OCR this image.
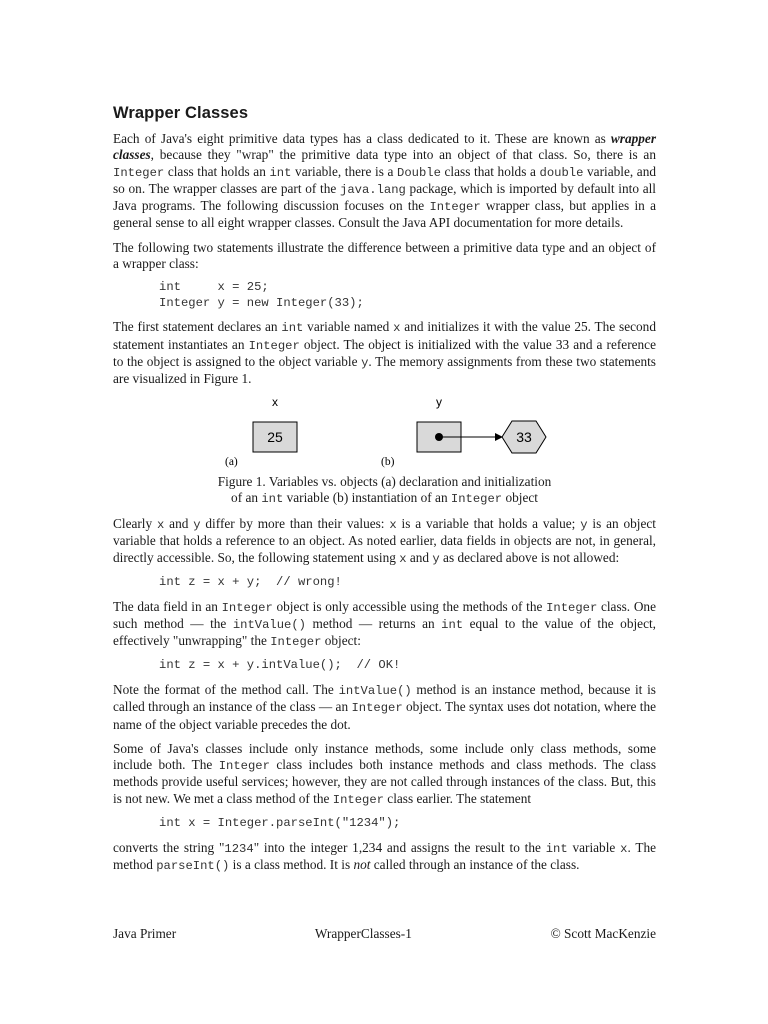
Wrapper Classes

Each of Java's eight primitive data types has a class dedicated to it. These are known as wrapper classes, because they "wrap" the primitive data type into an object of that class. So, there is an Integer class that holds an int variable, there is a Double class that holds a double variable, and so on. The wrapper classes are part of the java.lang package, which is imported by default into all Java programs. The following discussion focuses on the Integer wrapper class, but applies in a general sense to all eight wrapper classes. Consult the Java API documentation for more details.

The following two statements illustrate the difference between a primitive data type and an object of a wrapper class:

int     x = 25;
Integer y = new Integer(33);

The first statement declares an int variable named x and initializes it with the value 25. The second statement instantiates an Integer object. The object is initialized with the value 33 and a reference to the object is assigned to the object variable y. The memory assignments from these two statements are visualized in Figure 1.

x	y
25	33
(a)	(b)
Figure 1. Variables vs. objects (a) declaration and initialization
of an int variable (b) instantiation of an Integer object

Clearly x and y differ by more than their values: x is a variable that holds a value; y is an object variable that holds a reference to an object. As noted earlier, data fields in objects are not, in general, directly accessible. So, the following statement using x and y as declared above is not allowed:

int z = x + y;  // wrong!

The data field in an Integer object is only accessible using the methods of the Integer class. One such method — the intValue() method — returns an int equal to the value of the object, effectively "unwrapping" the Integer object:

int z = x + y.intValue();  // OK!

Note the format of the method call. The intValue() method is an instance method, because it is called through an instance of the class — an Integer object. The syntax uses dot notation, where the name of the object variable precedes the dot.

Some of Java's classes include only instance methods, some include only class methods, some include both. The Integer class includes both instance methods and class methods. The class methods provide useful services; however, they are not called through instances of the class. But, this is not new. We met a class method of the Integer class earlier. The statement

int x = Integer.parseInt("1234");

converts the string "1234" into the integer 1,234 and assigns the result to the int variable x. The method parseInt() is a class method. It is not called through an instance of the class.

Java Primer	WrapperClasses-1	© Scott MacKenzie
